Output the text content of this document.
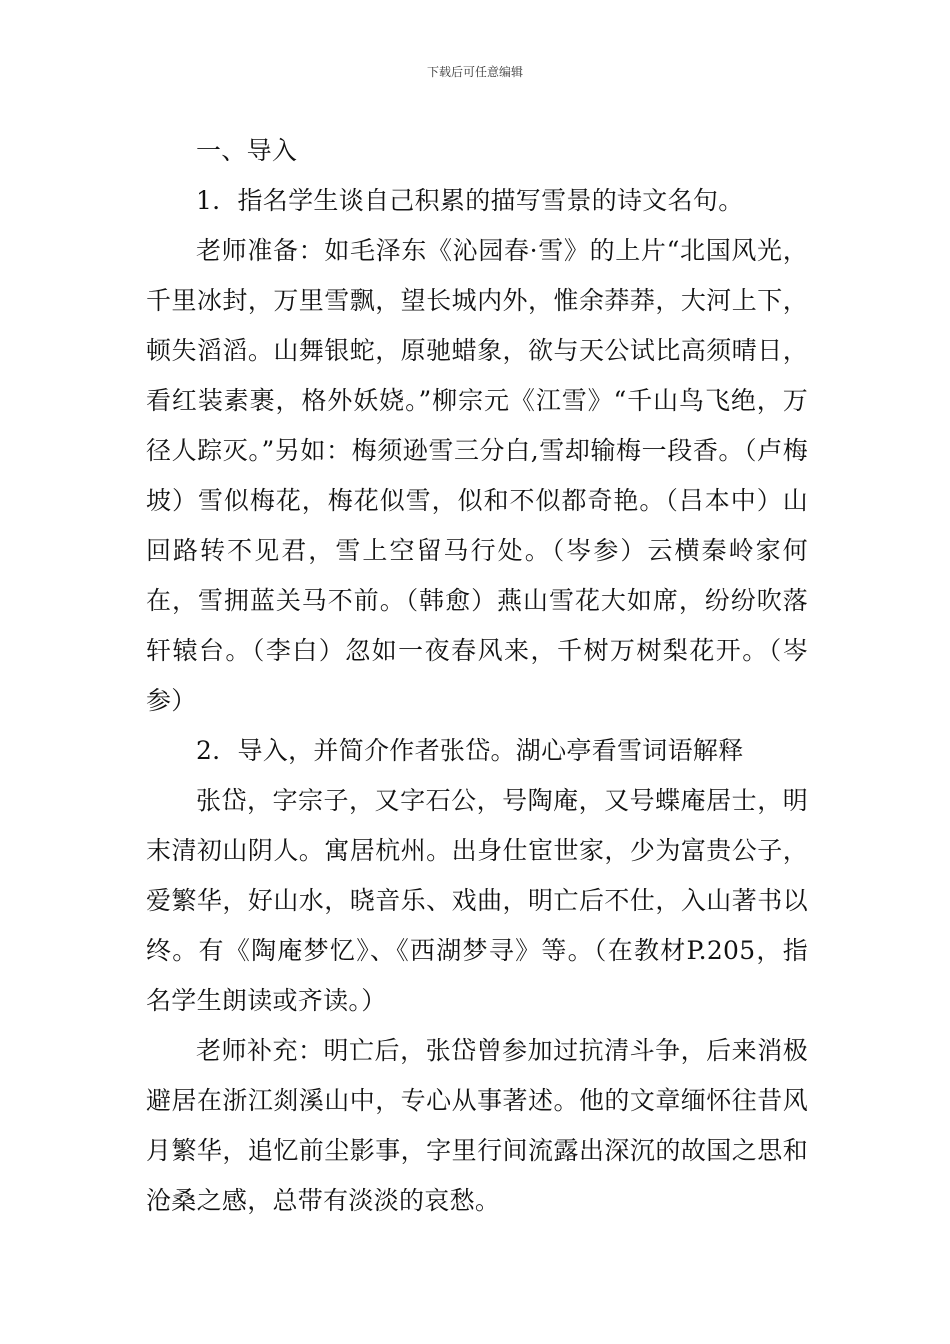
下载后可任意编辑

一、导入

1．指名学生谈自己积累的描写雪景的诗文名句。

老师准备：如毛泽东《沁园春·雪》的上片“北国风光，千里冰封，万里雪飘，望长城内外，惟余莽莽，大河上下，顿失滔滔。山舞银蛇，原驰蜡象，欲与天公试比高须晴日，看红装素裹，格外妖娆。”柳宗元《江雪》“千山鸟飞绝，万径人踪灭。”另如：梅须逊雪三分白,雪却输梅一段香。（卢梅坡）雪似梅花，梅花似雪，似和不似都奇艳。（吕本中）山回路转不见君，雪上空留马行处。（岑参）云横秦岭家何在，雪拥蓝关马不前。（韩愈）燕山雪花大如席，纷纷吹落轩辕台。（李白）忽如一夜春风来，千树万树梨花开。（岑参）

2．导入，并简介作者张岱。湖心亭看雪词语解释

张岱，字宗子，又字石公，号陶庵，又号蝶庵居士，明末清初山阴人。寓居杭州。出身仕宦世家，少为富贵公子，爱繁华，好山水，晓音乐、戏曲，明亡后不仕，入山著书以终。有《陶庵梦忆》、《西湖梦寻》等。（在教材P.205，指名学生朗读或齐读。）

老师补充：明亡后，张岱曾参加过抗清斗争，后来消极避居在浙江剡溪山中，专心从事著述。他的文章缅怀往昔风月繁华，追忆前尘影事，字里行间流露出深沉的故国之思和沧桑之感，总带有淡淡的哀愁。
